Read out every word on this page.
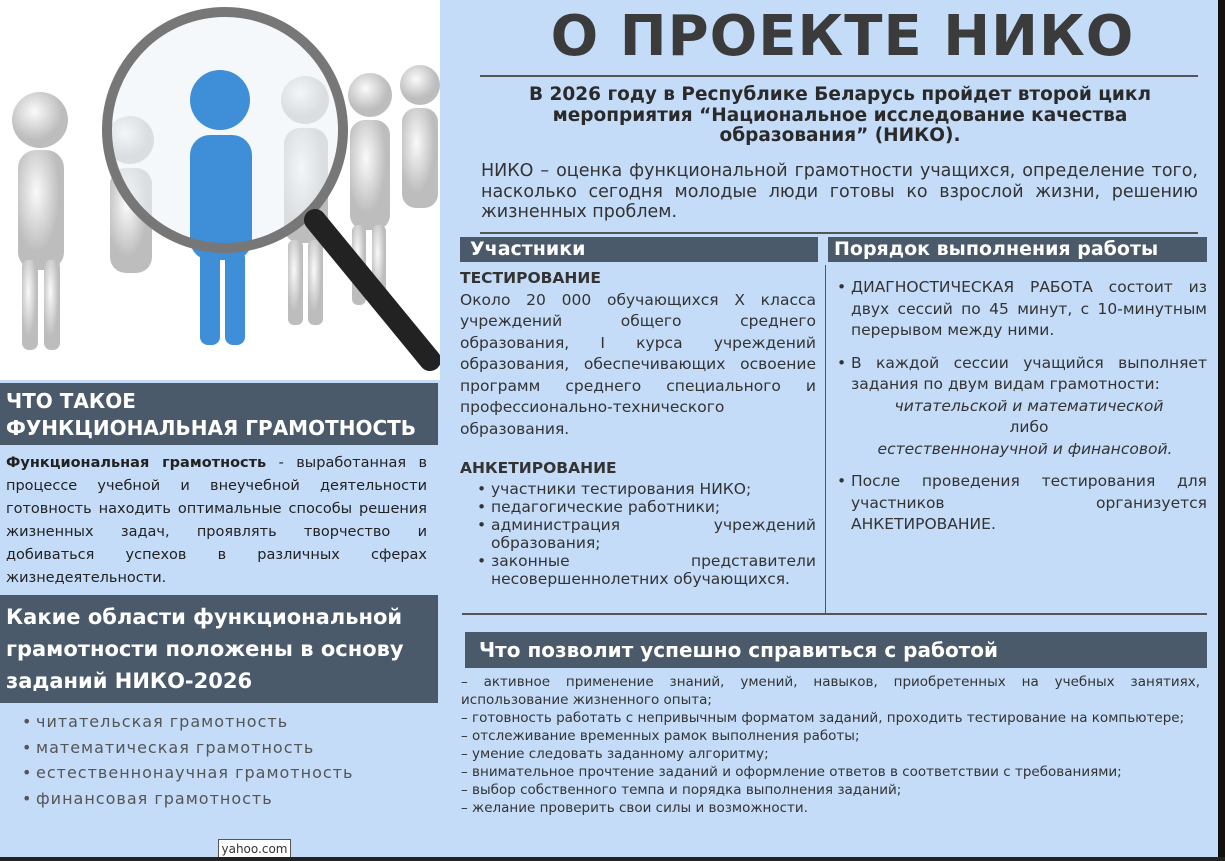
ЧТО ТАКОЕ
ФУНКЦИОНАЛЬНАЯ ГРАМОТНОСТЬ
Функциональная грамотность - выработанная в процессе учебной и внеучебной деятельности готовность находить оптимальные способы решения жизненных задач, проявлять творчество и добиваться успехов в различных сферах жизнедеятельности.
Какие области функциональной грамотности положены в основу заданий НИКО-2026
• читательская грамотность
• математическая грамотность
• естественнонаучная грамотность
• финансовая грамотность
yahoo.com
О ПРОЕКТЕ НИКО
В 2026 году в Республике Беларусь пройдет второй цикл мероприятия “Национальное исследование качества образования” (НИКО).
НИКО – оценка функциональной грамотности учащихся, определение того, насколько сегодня молодые люди готовы ко взрослой жизни, решению жизненных проблем.
Участники	Порядок выполнения работы
ТЕСТИРОВАНИЕ
Около 20 000 обучающихся X класса учреждений общего среднего образования, I курса учреждений образования, обеспечивающих освоение программ среднего специального и профессионально-технического образования.
АНКЕТИРОВАНИЕ
• участники тестирования НИКО;
• педагогические работники;
• администрация учреждений образования;
• законные представители несовершеннолетних обучающихся.
• ДИАГНОСТИЧЕСКАЯ РАБОТА состоит из двух сессий по 45 минут, с 10-минутным перерывом между ними.
• В каждой сессии учащийся выполняет задания по двум видам грамотности:
читательской и математической
либо
естественнонаучной и финансовой.
• После проведения тестирования для участников организуется АНКЕТИРОВАНИЕ.
Что позволит успешно справиться с работой
– активное применение знаний, умений, навыков, приобретенных на учебных занятиях, использование жизненного опыта;
– готовность работать с непривычным форматом заданий, проходить тестирование на компьютере;
– отслеживание временных рамок выполнения работы;
– умение следовать заданному алгоритму;
– внимательное прочтение заданий и оформление ответов в соответствии с требованиями;
– выбор собственного темпа и порядка выполнения заданий;
– желание проверить свои силы и возможности.
